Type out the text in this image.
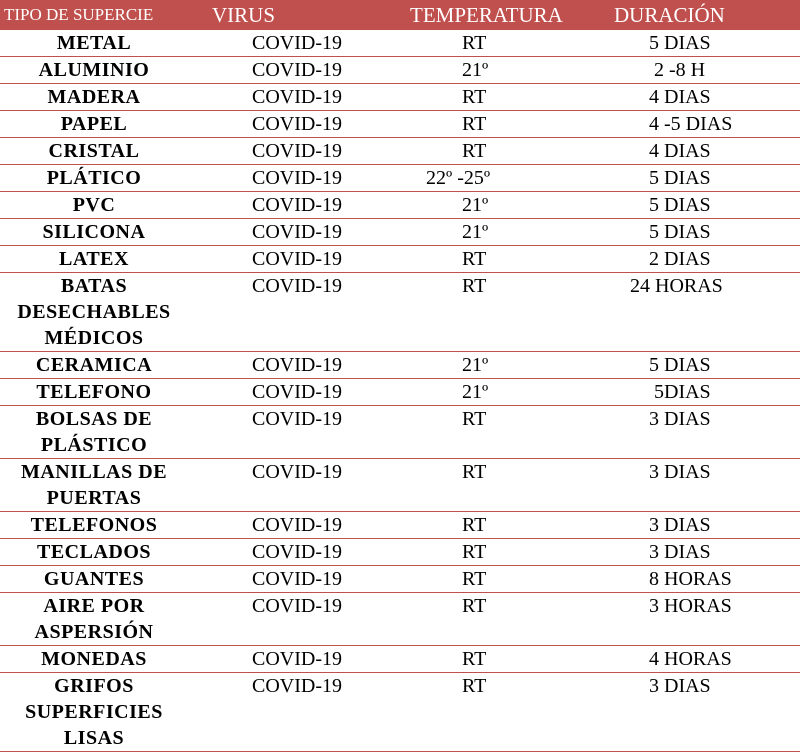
TIPO DE SUPERCIE	VIRUS	TEMPERATURA	DURACIÓN
METAL	COVID-19	RT	5 DIAS
ALUMINIO	COVID-19	21º	2 -8 H
MADERA	COVID-19	RT	4 DIAS
PAPEL	COVID-19	RT	4 -5 DIAS
CRISTAL	COVID-19	RT	4 DIAS
PLÁTICO	COVID-19	22º -25º	5 DIAS
PVC	COVID-19	21º	5 DIAS
SILICONA	COVID-19	21º	5 DIAS
LATEX	COVID-19	RT	2 DIAS
BATAS DESECHABLES MÉDICOS	COVID-19	RT	24 HORAS
CERAMICA	COVID-19	21º	5 DIAS
TELEFONO	COVID-19	21º	5DIAS
BOLSAS DE PLÁSTICO	COVID-19	RT	3 DIAS
MANILLAS DE PUERTAS	COVID-19	RT	3 DIAS
TELEFONOS	COVID-19	RT	3 DIAS
TECLADOS	COVID-19	RT	3 DIAS
GUANTES	COVID-19	RT	8 HORAS
AIRE POR ASPERSIÓN	COVID-19	RT	3 HORAS
MONEDAS	COVID-19	RT	4 HORAS
GRIFOS SUPERFICIES LISAS	COVID-19	RT	3 DIAS
